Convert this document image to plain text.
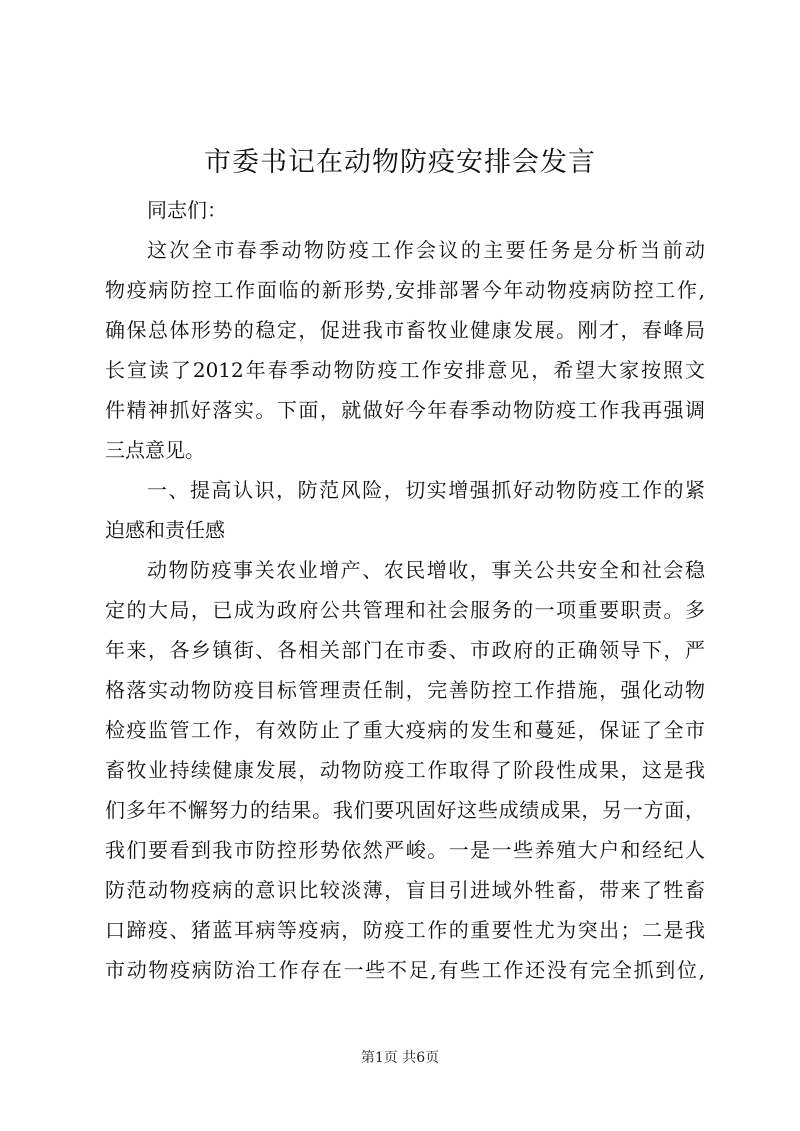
市委书记在动物防疫安排会发言
同志们：
这次全市春季动物防疫工作会议的主要任务是分析当前动
物疫病防控工作面临的新形势,安排部署今年动物疫病防控工作,
确保总体形势的稳定，促进我市畜牧业健康发展。刚才，春峰局
长宣读了2012年春季动物防疫工作安排意见，希望大家按照文
件精神抓好落实。下面，就做好今年春季动物防疫工作我再强调
三点意见。
一、提高认识，防范风险，切实增强抓好动物防疫工作的紧
迫感和责任感
动物防疫事关农业增产、农民增收，事关公共安全和社会稳
定的大局，已成为政府公共管理和社会服务的一项重要职责。多
年来，各乡镇街、各相关部门在市委、市政府的正确领导下，严
格落实动物防疫目标管理责任制，完善防控工作措施，强化动物
检疫监管工作，有效防止了重大疫病的发生和蔓延，保证了全市
畜牧业持续健康发展，动物防疫工作取得了阶段性成果，这是我
们多年不懈努力的结果。我们要巩固好这些成绩成果，另一方面，
我们要看到我市防控形势依然严峻。一是一些养殖大户和经纪人
防范动物疫病的意识比较淡薄，盲目引进域外牲畜，带来了牲畜
口蹄疫、猪蓝耳病等疫病，防疫工作的重要性尤为突出；二是我
市动物疫病防治工作存在一些不足,有些工作还没有完全抓到位,
第1页 共6页
